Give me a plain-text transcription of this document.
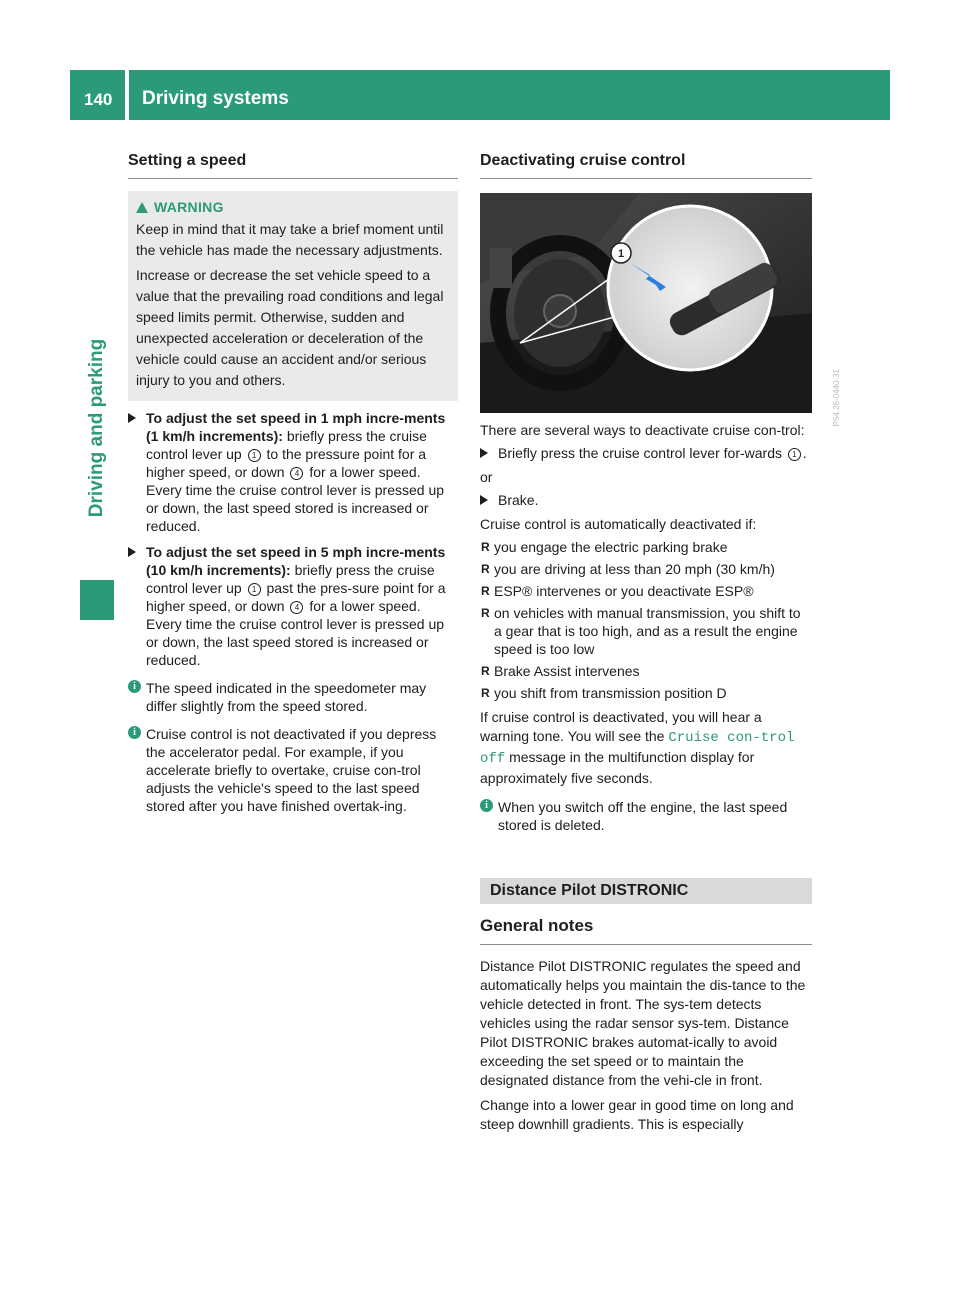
140 Driving systems
Driving and parking
Setting a speed
WARNING

Keep in mind that it may take a brief moment until the vehicle has made the necessary adjustments.

Increase or decrease the set vehicle speed to a value that the prevailing road conditions and legal speed limits permit. Otherwise, sudden and unexpected acceleration or deceleration of the vehicle could cause an accident and/or serious injury to you and others.

To adjust the set speed in 1 mph incre-ments (1 km/h increments): briefly press the cruise control lever up 1 to the pressure point for a higher speed, or down 4 for a lower speed.
Every time the cruise control lever is pressed up or down, the last speed stored is increased or reduced.
To adjust the set speed in 5 mph incre-ments (10 km/h increments): briefly press the cruise control lever up 1 past the pres-sure point for a higher speed, or down 4 for a lower speed.
Every time the cruise control lever is pressed up or down, the last speed stored is increased or reduced.
i The speed indicated in the speedometer may differ slightly from the speed stored.
i Cruise control is not deactivated if you depress the accelerator pedal. For example, if you accelerate briefly to overtake, cruise con-trol adjusts the vehicle's speed to the last speed stored after you have finished overtak-ing.
Deactivating cruise control
1
P54.26-0440-31

There are several ways to deactivate cruise con-trol:

Briefly press the cruise control lever for-wards 1 .

or

Brake.

Cruise control is automatically deactivated if:

R you engage the electric parking brake
R you are driving at less than 20 mph (30 km/h)
R ESP® intervenes or you deactivate ESP®
R on vehicles with manual transmission, you shift to a gear that is too high, and as a result the engine speed is too low
R Brake Assist intervenes
R you shift from transmission position D

If cruise control is deactivated, you will hear a warning tone. You will see the Cruise con-trol off message in the multifunction display for approximately five seconds.

i When you switch off the engine, the last speed stored is deleted.
Distance Pilot DISTRONIC
General notes

Distance Pilot DISTRONIC regulates the speed and automatically helps you maintain the dis-tance to the vehicle detected in front. The sys-tem detects vehicles using the radar sensor sys-tem. Distance Pilot DISTRONIC brakes automat-ically to avoid exceeding the set speed or to maintain the designated distance from the vehi-cle in front.

Change into a lower gear in good time on long and steep downhill gradients. This is especially
